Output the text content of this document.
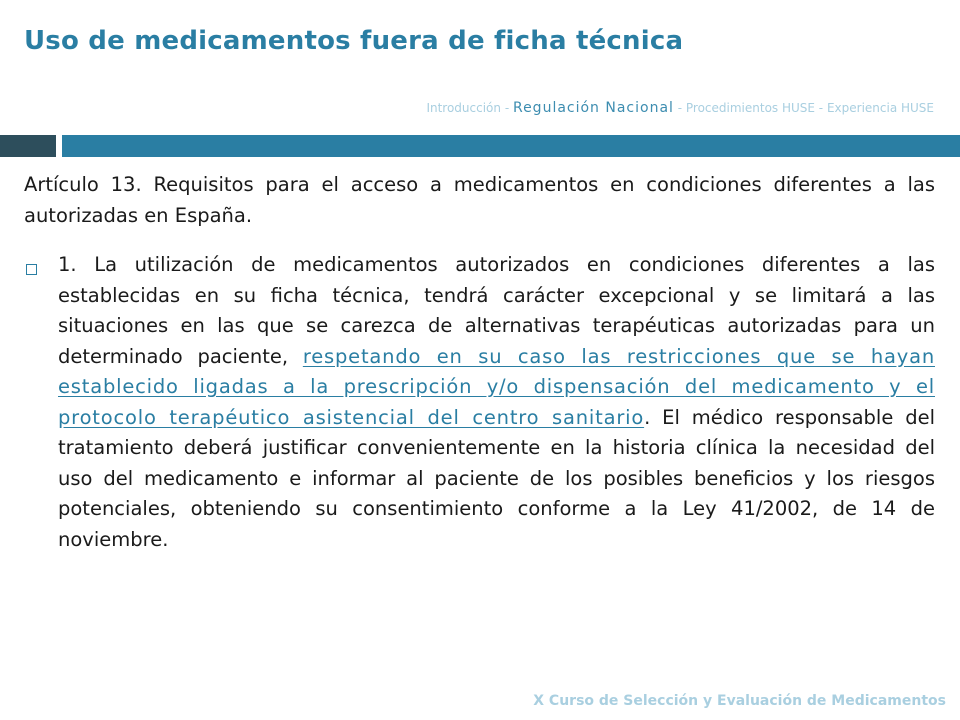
Uso de medicamentos fuera de ficha técnica
Introducción - Regulación Nacional - Procedimientos HUSE - Experiencia HUSE
Artículo 13. Requisitos para el acceso a medicamentos en condiciones diferentes a las autorizadas en España.
1. La utilización de medicamentos autorizados en condiciones diferentes a las establecidas en su ficha técnica, tendrá carácter excepcional y se limitará a las situaciones en las que se carezca de alternativas terapéuticas autorizadas para un determinado paciente, respetando en su caso las restricciones que se hayan establecido ligadas a la prescripción y/o dispensación del medicamento y el protocolo terapéutico asistencial del centro sanitario. El médico responsable del tratamiento deberá justificar convenientemente en la historia clínica la necesidad del uso del medicamento e informar al paciente de los posibles beneficios y los riesgos potenciales, obteniendo su consentimiento conforme a la Ley 41/2002, de 14 de noviembre.
X Curso de Selección y Evaluación de Medicamentos
